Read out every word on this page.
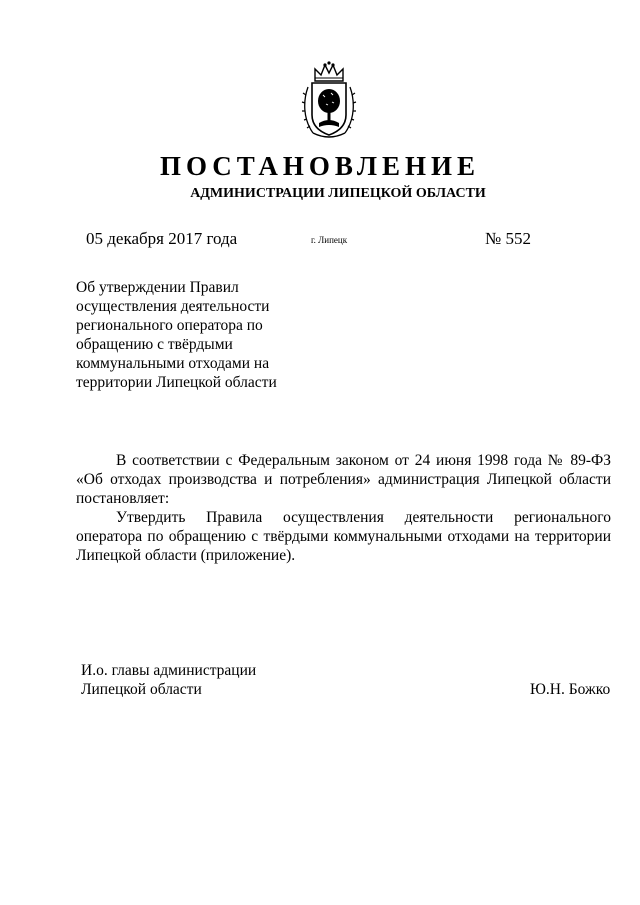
ПОСТАНОВЛЕНИЕ
АДМИНИСТРАЦИИ ЛИПЕЦКОЙ ОБЛАСТИ
05 декабря 2017 года	г. Липецк	№ 552
Об утверждении Правил
осуществления деятельности
регионального оператора по
обращению с твёрдыми
коммунальными отходами на
территории Липецкой области

В соответствии с Федеральным законом от 24 июня 1998 года № 89-ФЗ «Об отходах производства и потребления» администрация Липецкой области постановляет:

Утвердить Правила осуществления деятельности регионального оператора по обращению с твёрдыми коммунальными отходами на территории Липецкой области (приложение).

И.о. главы администрации
Липецкой области	Ю.Н. Божко
